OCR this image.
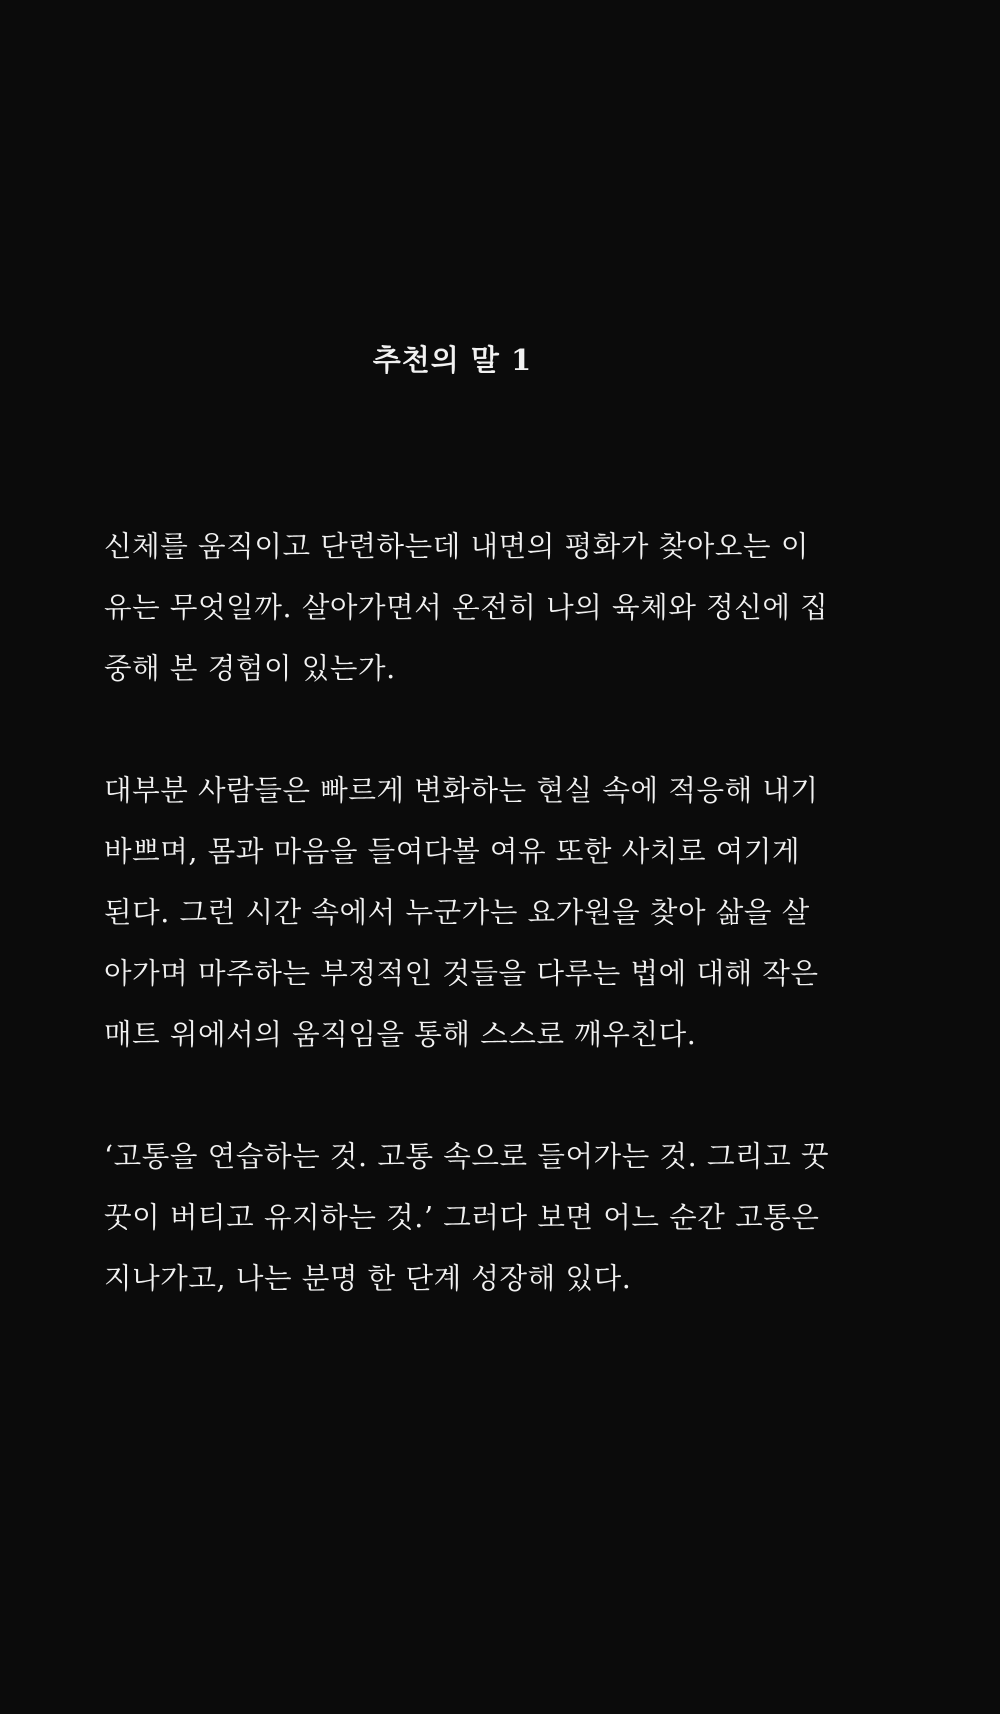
추천의 말 1

신체를 움직이고 단련하는데 내면의 평화가 찾아오는 이
유는 무엇일까. 살아가면서 온전히 나의 육체와 정신에 집
중해 본 경험이 있는가.

대부분 사람들은 빠르게 변화하는 현실 속에 적응해 내기
바쁘며, 몸과 마음을 들여다볼 여유 또한 사치로 여기게
된다. 그런 시간 속에서 누군가는 요가원을 찾아 삶을 살
아가며 마주하는 부정적인 것들을 다루는 법에 대해 작은
매트 위에서의 움직임을 통해 스스로 깨우친다.

‘고통을 연습하는 것. 고통 속으로 들어가는 것. 그리고 꿋
꿋이 버티고 유지하는 것.’ 그러다 보면 어느 순간 고통은
지나가고, 나는 분명 한 단계 성장해 있다.
